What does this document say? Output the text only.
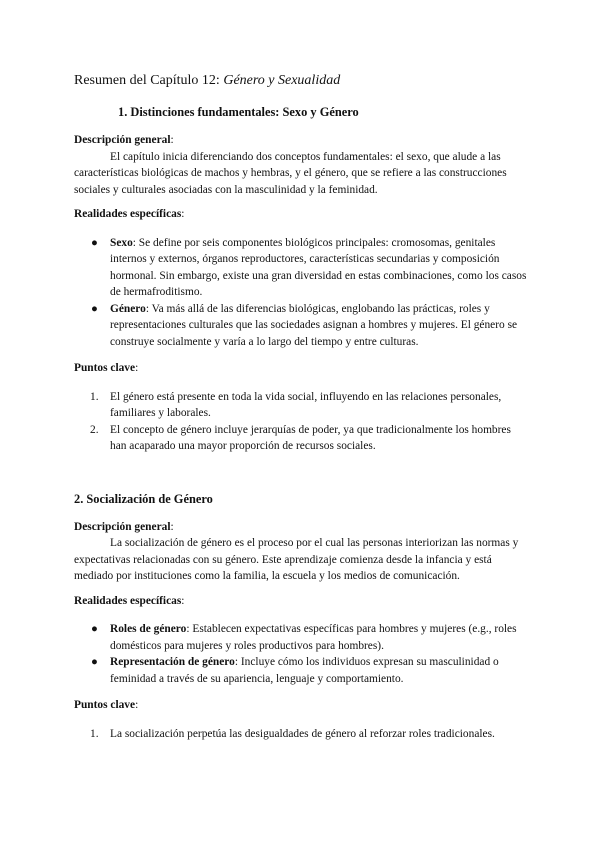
Resumen del Capítulo 12: Género y Sexualidad
1. Distinciones fundamentales: Sexo y Género

Descripción general:

El capítulo inicia diferenciando dos conceptos fundamentales: el sexo, que alude a las características biológicas de machos y hembras, y el género, que se refiere a las construcciones sociales y culturales asociadas con la masculinidad y la feminidad.

Realidades específicas:

● Sexo: Se define por seis componentes biológicos principales: cromosomas, genitales internos y externos, órganos reproductores, características secundarias y composición hormonal. Sin embargo, existe una gran diversidad en estas combinaciones, como los casos de hermafroditismo.
● Género: Va más allá de las diferencias biológicas, englobando las prácticas, roles y representaciones culturales que las sociedades asignan a hombres y mujeres. El género se construye socialmente y varía a lo largo del tiempo y entre culturas.

Puntos clave:

1. El género está presente en toda la vida social, influyendo en las relaciones personales, familiares y laborales.
2. El concepto de género incluye jerarquías de poder, ya que tradicionalmente los hombres han acaparado una mayor proporción de recursos sociales.
2. Socialización de Género

Descripción general:

La socialización de género es el proceso por el cual las personas interiorizan las normas y expectativas relacionadas con su género. Este aprendizaje comienza desde la infancia y está mediado por instituciones como la familia, la escuela y los medios de comunicación.

Realidades específicas:

● Roles de género: Establecen expectativas específicas para hombres y mujeres (e.g., roles domésticos para mujeres y roles productivos para hombres).
● Representación de género: Incluye cómo los individuos expresan su masculinidad o feminidad a través de su apariencia, lenguaje y comportamiento.

Puntos clave:

1. La socialización perpetúa las desigualdades de género al reforzar roles tradicionales.
